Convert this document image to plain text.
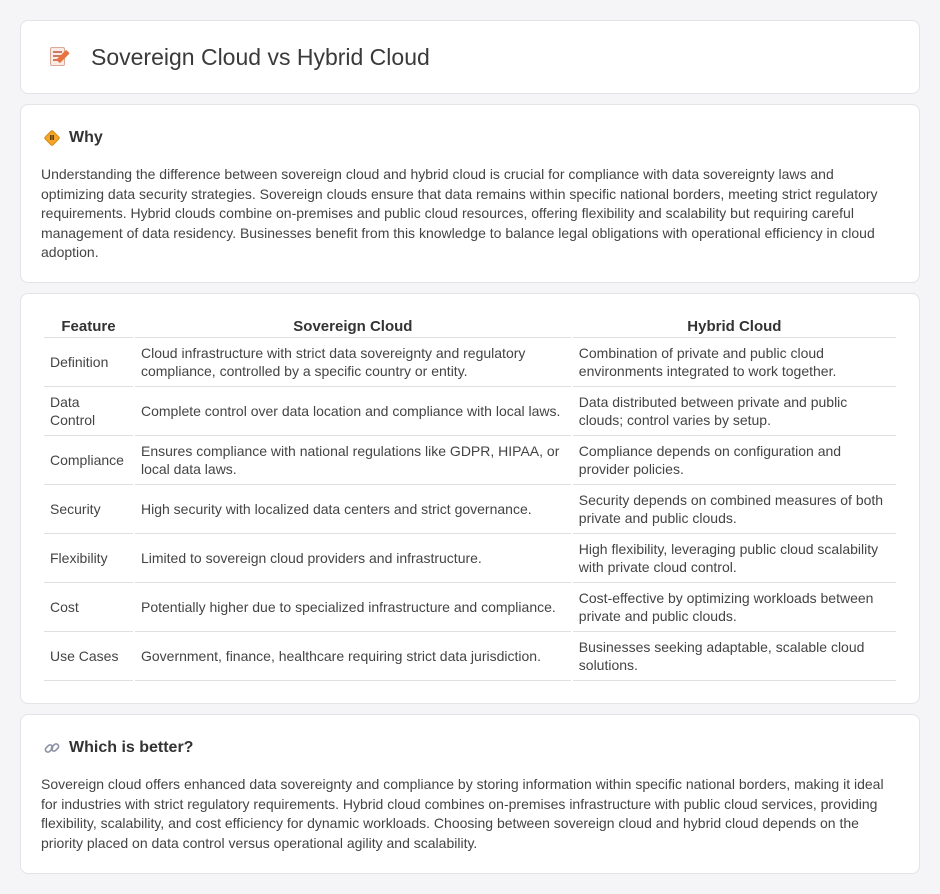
Sovereign Cloud vs Hybrid Cloud
Why

Understanding the difference between sovereign cloud and hybrid cloud is crucial for compliance with data sovereignty laws and optimizing data security strategies. Sovereign clouds ensure that data remains within specific national borders, meeting strict regulatory requirements. Hybrid clouds combine on-premises and public cloud resources, offering flexibility and scalability but requiring careful management of data residency. Businesses benefit from this knowledge to balance legal obligations with operational efficiency in cloud adoption.

Feature	Sovereign Cloud	Hybrid Cloud
Definition	Cloud infrastructure with strict data sovereignty and regulatory compliance, controlled by a specific country or entity.	Combination of private and public cloud environments integrated to work together.
Data Control	Complete control over data location and compliance with local laws.	Data distributed between private and public clouds; control varies by setup.
Compliance	Ensures compliance with national regulations like GDPR, HIPAA, or local data laws.	Compliance depends on configuration and provider policies.
Security	High security with localized data centers and strict governance.	Security depends on combined measures of both private and public clouds.
Flexibility	Limited to sovereign cloud providers and infrastructure.	High flexibility, leveraging public cloud scalability with private cloud control.
Cost	Potentially higher due to specialized infrastructure and compliance.	Cost-effective by optimizing workloads between private and public clouds.
Use Cases	Government, finance, healthcare requiring strict data jurisdiction.	Businesses seeking adaptable, scalable cloud solutions.
Which is better?

Sovereign cloud offers enhanced data sovereignty and compliance by storing information within specific national borders, making it ideal for industries with strict regulatory requirements. Hybrid cloud combines on-premises infrastructure with public cloud services, providing flexibility, scalability, and cost efficiency for dynamic workloads. Choosing between sovereign cloud and hybrid cloud depends on the priority placed on data control versus operational agility and scalability.
